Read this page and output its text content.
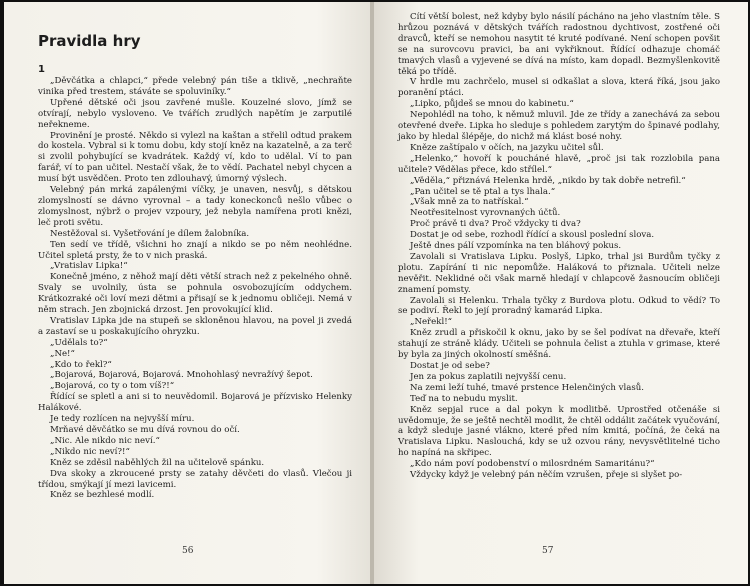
Pravidla hry
1

„Děvčátka a chlapci,“ přede velebný pán tiše a tklivě, „nechraňte vinika před trestem, stáváte se spoluviníky.“

Upřené dětské oči jsou zavřené mušle. Kouzelné slovo, jímž se otvírají, nebylo vysloveno. Ve tvářích zrudlých napětím je zarputilé neřekneme.

Provinění je prosté. Někdo si vylezl na kaštan a střelil odtud prakem do kostela. Vybral si k tomu dobu, kdy stojí kněz na kazatelně, a za terč si zvolil pohybující se kvadrátek. Každý ví, kdo to udělal. Ví to pan farář, ví to pan učitel. Nestačí však, že to vědí. Pachatel nebyl chycen a musí být usvědčen. Proto ten zdlouhavý, úmorný výslech.

Velebný pán mrká zapálenými víčky, je unaven, nesvůj, s dětskou zlomyslností se dávno vyrovnal – a tady koneckonců nešlo vůbec o zlomyslnost, nýbrž o projev vzpoury, jež nebyla namířena proti knězi, leč proti světu.

Nestěžoval si. Vyšetřování je dílem žalobníka.

Ten sedí ve třídě, všichni ho znají a nikdo se po něm neohlédne. Učitel spletá prsty, že to v nich praská.

„Vratislav Lipka!“

Konečně jméno, z něhož mají děti větší strach než z pekelného ohně. Svaly se uvolnily, ústa se pohnula osvobozujícím oddychem. Krátkozraké oči loví mezi dětmi a přisají se k jednomu obličeji. Nemá v něm strach. Jen zbojnická drzost. Jen provokující klid.

Vratislav Lipka jde na stupeň se skloněnou hlavou, na povel ji zvedá a zastaví se u poskakujícího ohryzku.

„Udělals to?“

„Ne!“

„Kdo to řekl?“

„Bojarová, Bojarová, Bojarová. Mnohohlasý nevražívý šepot.

„Bojarová, co ty o tom víš?!“

Řídící se spletl a ani si to neuvědomil. Bojarová je přízvisko Helenky Halákové.

Je tedy rozlícen na nejvyšší míru.

Mrňavé děvčátko se mu dívá rovnou do očí.

„Nic. Ale nikdo nic neví.“

„Nikdo nic neví?!“

Kněz se zděsil naběhlých žil na učitelově spánku.

Dva skoky a zkroucené prsty se zatahy děvčeti do vlasů. Vlečou ji třídou, smýkají jí mezi lavicemi.

Kněz se bezhlesé modlí.

56

Cítí větší bolest, než kdyby bylo násilí pácháno na jeho vlastním těle. S hrůzou poznává v dětských tvářích radostnou dychtivost, zostřené oči dravců, kteří se nemohou nasytit té kruté podívané. Není schopen povšit se na surovcovu pravici, ba ani vykřiknout. Řídící odhazuje chomáč tmavých vlasů a vyjevené se dívá na místo, kam dopadl. Bezmyšlenkovitě těká po třídě.

V hrdle mu zachrčelo, musel si odkašlat a slova, která říká, jsou jako poranění ptáci.

„Lipko, půjdeš se mnou do kabinetu.“

Nepohlédl na toho, k němuž mluvil. Jde ze třídy a zanechává za sebou otevřené dveře. Lipka ho sleduje s pohledem zarytým do špinavé podlahy, jako by hledal šlépěje, do nichž má klást bosé nohy.

Kněze zaštípalo v očích, na jazyku učitel sůl.

„Helenko,“ hovoří k poucháné hlavě, „proč jsi tak rozzlobila pana učitele? Vědělas přece, kdo střílel.“

„Věděla,“ přiznává Helenka hrdě, „nikdo by tak dobře netrefil.“

„Pan učitel se tě ptal a tys lhala.“

„Však mně za to natřískal.“

Neotřesitelnost vyrovnaných účtů.

Proč právě ti dva? Proč vždycky ti dva?

Dostat je od sebe, rozhodl řídící a skousl poslední slova.

Ještě dnes pálí vzpomínka na ten bláhový pokus.

Zavolali si Vratislava Lipku. Poslyš, Lipko, trhal jsi Burdům tyčky z plotu. Zapírání ti nic nepomůže. Haláková to přiznala. Učiteli nelze nevěřit. Neklidné oči však marně hledají v chlapcově žasnoucím obličeji znamení pomsty.

Zavolali si Helenku. Trhala tyčky z Burdova plotu. Odkud to vědí? To se podiví. Řekl to její proradný kamarád Lipka.

„Neřekl!“

Kněz zrudl a přiskočil k oknu, jako by se šel podívat na dřevaře, kteří stahují ze stráně klády. Učiteli se pohnula čelist a ztuhla v grimase, které by byla za jiných okolností směšná.

Dostat je od sebe?

Jen za pokus zaplatili nejvyšší cenu.

Na zemi leží tuhé, tmavé prstence Helenčiných vlasů.

Teď na to nebudu myslit.

Kněz sepjal ruce a dal pokyn k modlitbě. Uprostřed otčenáše si uvědomuje, že se ještě nechtěl modlit, že chtěl oddálit začátek vyučování, a když sleduje jasné vlákno, které před ním kmitá, počíná, že čeká na Vratislava Lipku. Naslouchá, kdy se už ozvou rány, nevysvětlitelné ticho ho napíná na skřipec.

„Kdo nám poví podobenství o milosrdném Samaritánu?“

Vždycky když je velebný pán něčím vzrušen, přeje si slyšet po-

57
